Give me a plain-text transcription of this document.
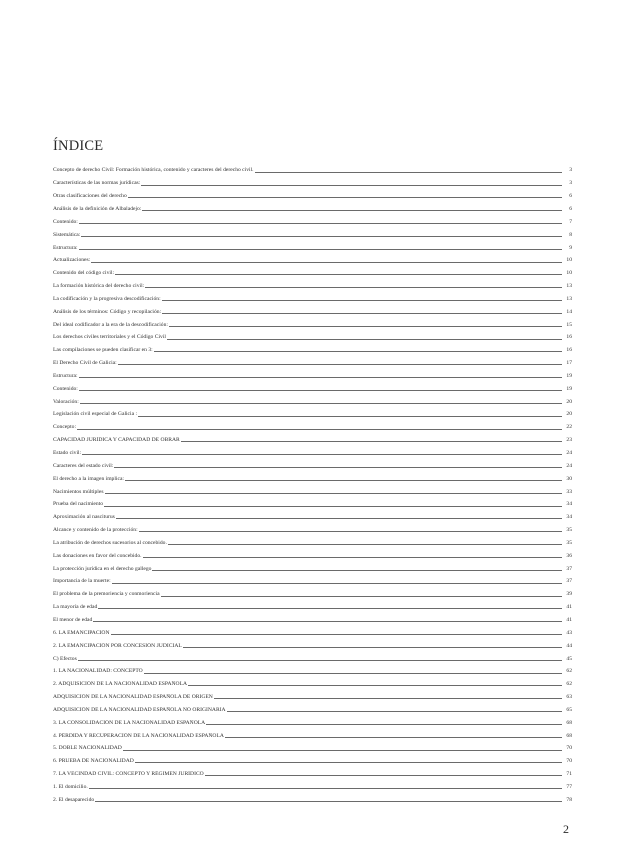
ÍNDICE
Concepto de derecho Civil: Formación histórica, contenido y caracteres del derecho civil.	3
Características de las normas jurídicas:	3
Otras clasificaciones del derecho	6
Análisis de la definición de Albaladejo:	6
Contenido:	7
Sistemática:	8
Estructura:	9
Actualizaciones:	10
Contenido del código civil:	10
La formación histórica del derecho civil:	13
La codificación y la progresiva descodificación:	13
Análisis de los términos: Código y recopilación:	14
Del ideal codificador a la era de la descodificación:	15
Los derechos civiles territoriales y el Código Civil	16
Las compilaciones se pueden clasificar en 3:	16
El Derecho Civil de Galicia:	17
Estructura:	19
Contenido:	19
Valoración:	20
Legislación civil especial de Galicia :	20
Concepto:	22
CAPACIDAD JURÍDICA Y CAPACIDAD DE OBRAR	23
Estado civil:	24
Caracteres del estado civil:	24
El derecho a la imagen implica:	30
Nacimientos múltiples	33
Prueba del nacimiento	34
Aproximación al nasciturus	34
Alcance y contenido de la protección:	35
La atribución de derechos sucesorios al concebido.	35
Las donaciones en favor del concebido.	36
La protección jurídica en el derecho gallego	37
Importancia de la muerte:	37
El problema de la premoriencia y conmoriencia	39
La mayoría de edad	41
El menor de edad	41
6. LA EMANCIPACIÓN	43
2. LA EMANCIPACIÓN POR CONCESIÓN JUDICIAL	44
C) Efectos	45
1. LA NACIONALIDAD: CONCEPTO	62
2. ADQUISICIÓN DE LA NACIONALIDAD ESPAÑOLA	62
ADQUISICIÓN DE LA NACIONALIDAD ESPAÑOLA DE ORIGEN	63
ADQUISICIÓN DE LA NACIONALIDAD ESPAÑOLA NO ORIGINARIA	65
3. LA CONSOLIDACIÓN DE LA NACIONALIDAD ESPAÑOLA	68
4. PÉRDIDA Y RECUPERACIÓN DE LA NACIONALIDAD ESPAÑOLA	68
5. DOBLE NACIONALIDAD	70
6. PRUEBA DE NACIONALIDAD	70
7. LA VECINDAD CIVIL: CONCEPTO Y RÉGIMEN JURÍDICO	71
1. El domicilio.	77
2. El desaparecido	78
2
